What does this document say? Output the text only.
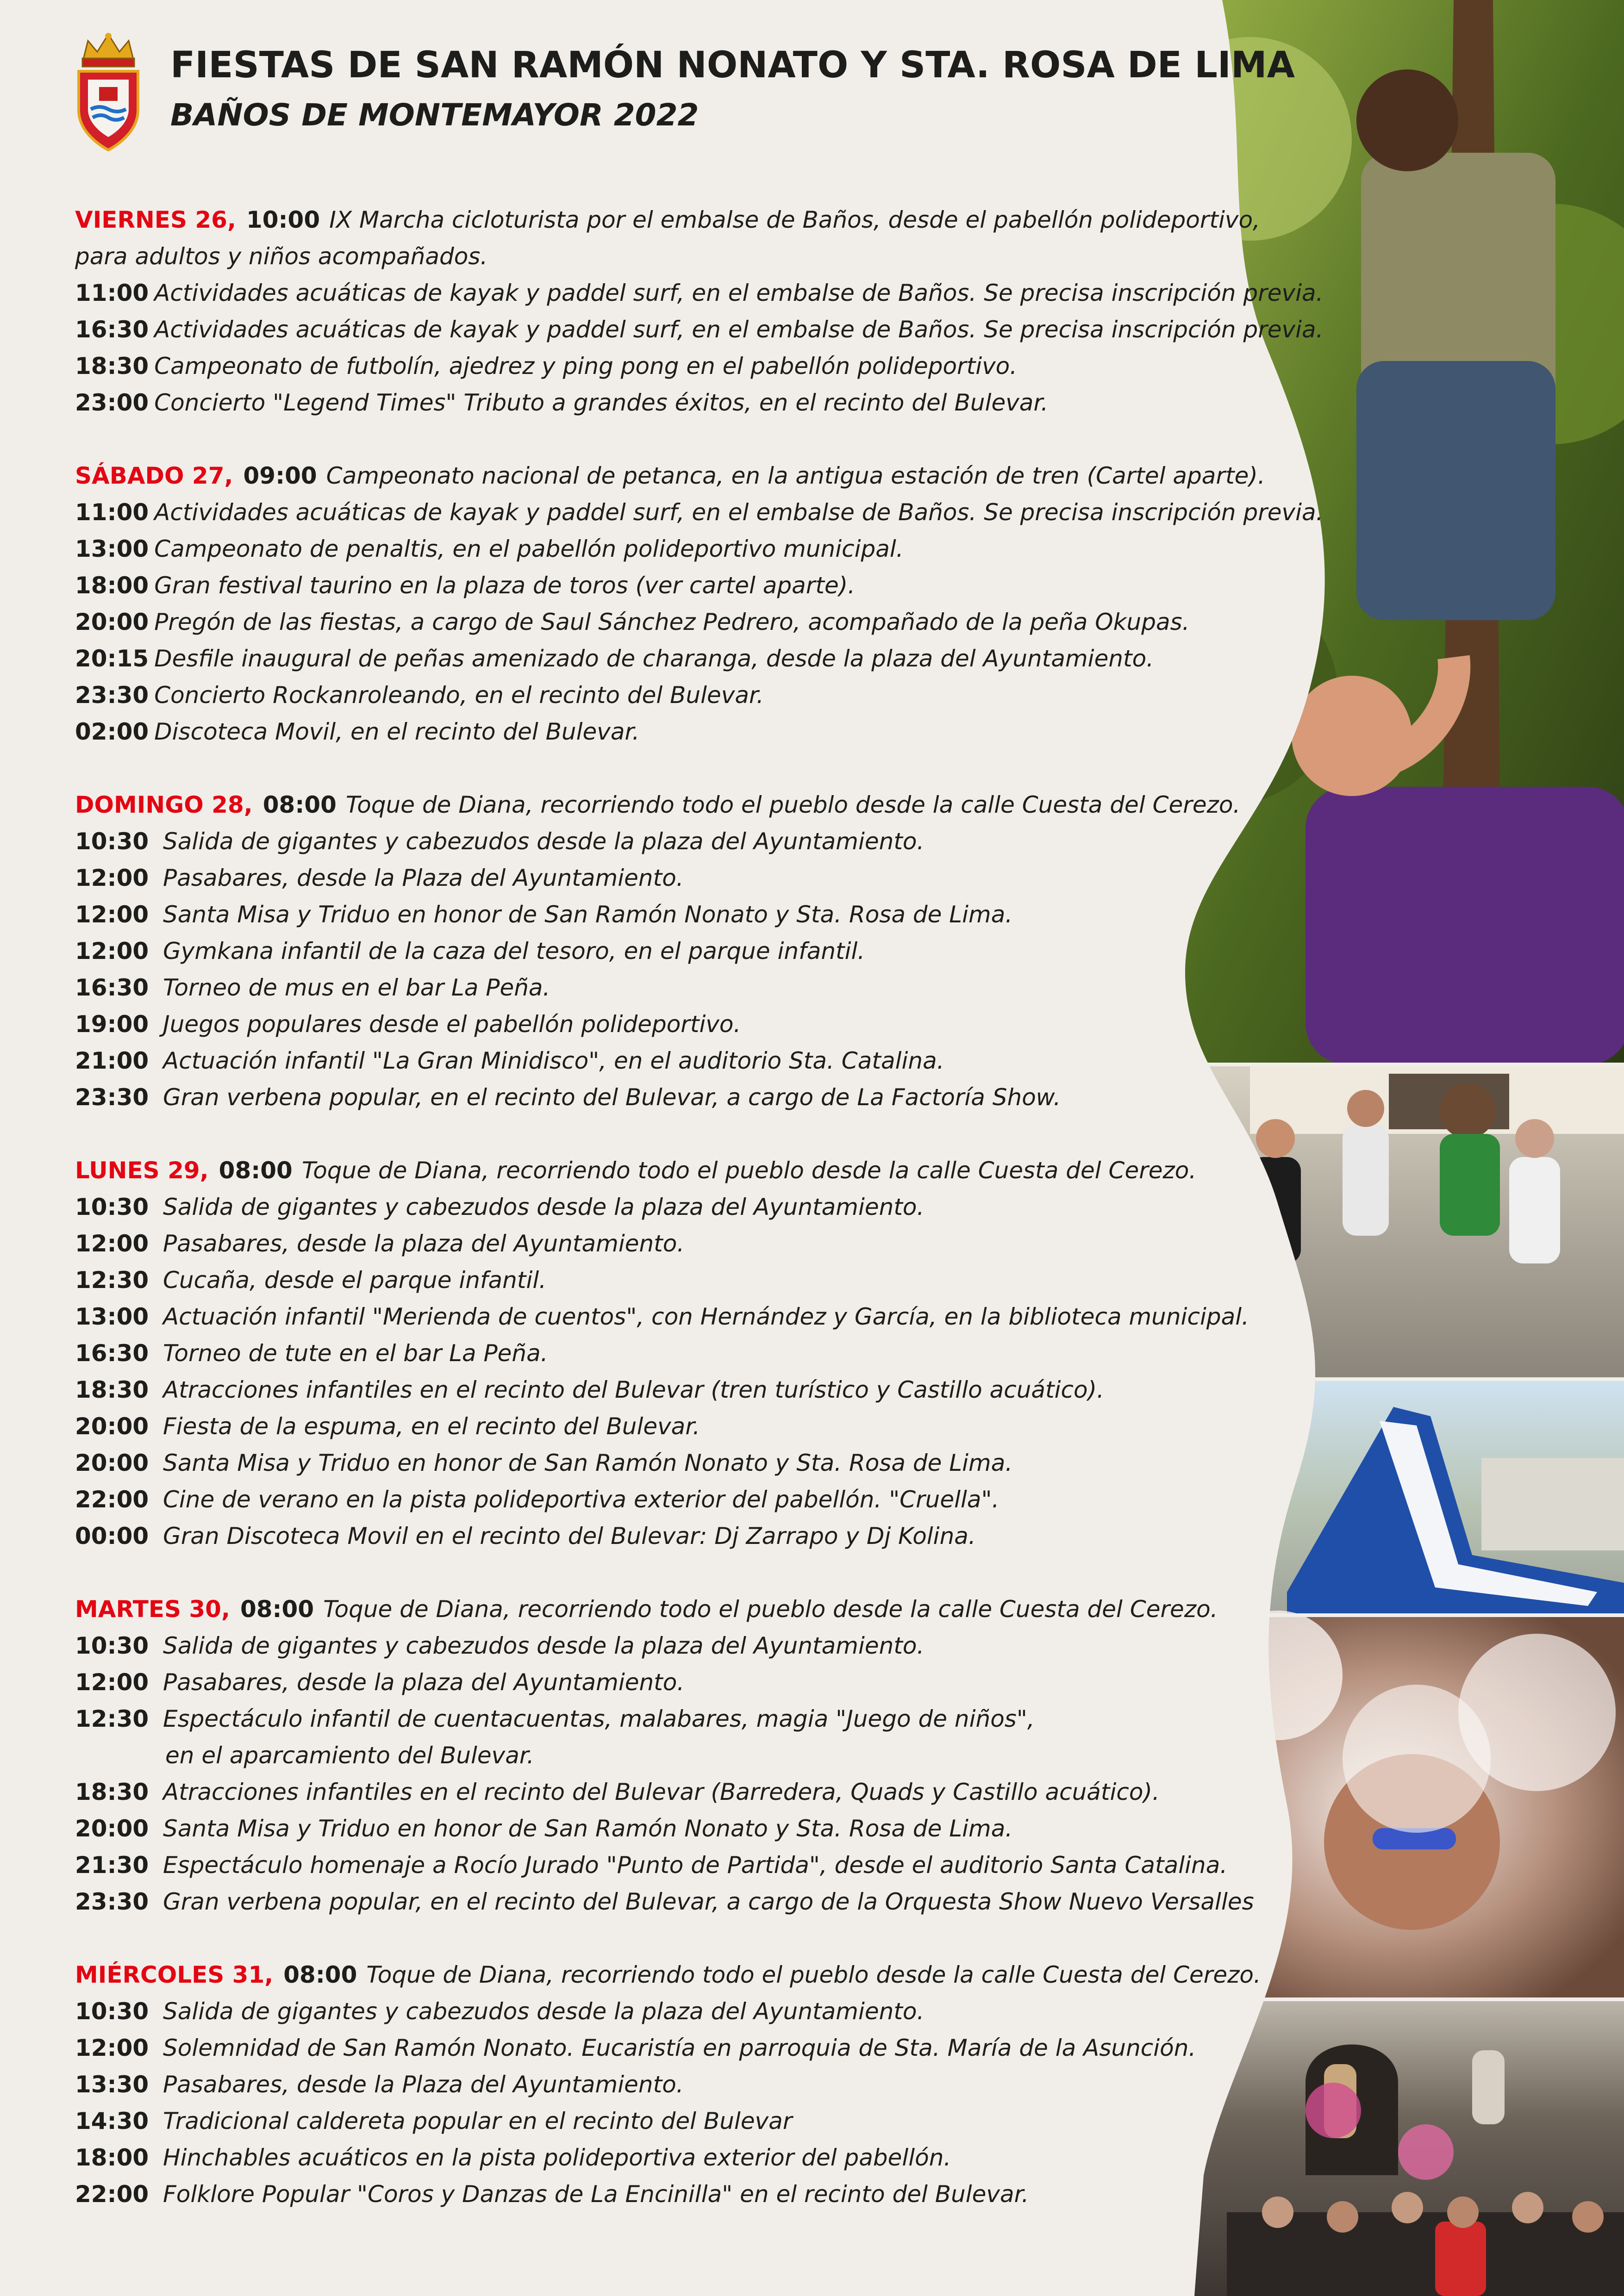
FIESTAS DE SAN RAMÓN NONATO Y STA. ROSA DE LIMA
BAÑOS DE MONTEMAYOR 2022
VIERNES 26, 10:00 IX Marcha cicloturista por el embalse de Baños, desde el pabellón polideportivo,
para adultos y niños acompañados.
11:00 Actividades acuáticas de kayak y paddel surf, en el embalse de Baños. Se precisa inscripción previa.
16:30 Actividades acuáticas de kayak y paddel surf, en el embalse de Baños. Se precisa inscripción previa.
18:30 Campeonato de futbolín, ajedrez y ping pong en el pabellón polideportivo.
23:00 Concierto "Legend Times" Tributo a grandes éxitos, en el recinto del Bulevar.
SÁBADO 27, 09:00 Campeonato nacional de petanca, en la antigua estación de tren (Cartel aparte).
11:00 Actividades acuáticas de kayak y paddel surf, en el embalse de Baños. Se precisa inscripción previa.
13:00 Campeonato de penaltis, en el pabellón polideportivo municipal.
18:00 Gran festival taurino en la plaza de toros (ver cartel aparte).
20:00 Pregón de las fiestas, a cargo de Saul Sánchez Pedrero, acompañado de la peña Okupas.
20:15 Desfile inaugural de peñas amenizado de charanga, desde la plaza del Ayuntamiento.
23:30 Concierto Rockanroleando, en el recinto del Bulevar.
02:00 Discoteca Movil, en el recinto del Bulevar.
DOMINGO 28, 08:00 Toque de Diana, recorriendo todo el pueblo desde la calle Cuesta del Cerezo.
10:30 Salida de gigantes y cabezudos desde la plaza del Ayuntamiento.
12:00 Pasabares, desde la Plaza del Ayuntamiento.
12:00 Santa Misa y Triduo en honor de San Ramón Nonato y Sta. Rosa de Lima.
12:00 Gymkana infantil de la caza del tesoro, en el parque infantil.
16:30 Torneo de mus en el bar La Peña.
19:00 Juegos populares desde el pabellón polideportivo.
21:00 Actuación infantil "La Gran Minidisco", en el auditorio Sta. Catalina.
23:30 Gran verbena popular, en el recinto del Bulevar, a cargo de La Factoría Show.
LUNES 29, 08:00 Toque de Diana, recorriendo todo el pueblo desde la calle Cuesta del Cerezo.
10:30 Salida de gigantes y cabezudos desde la plaza del Ayuntamiento.
12:00 Pasabares, desde la plaza del Ayuntamiento.
12:30 Cucaña, desde el parque infantil.
13:00 Actuación infantil "Merienda de cuentos", con Hernández y García, en la biblioteca municipal.
16:30 Torneo de tute en el bar La Peña.
18:30 Atracciones infantiles en el recinto del Bulevar (tren turístico y Castillo acuático).
20:00 Fiesta de la espuma, en el recinto del Bulevar.
20:00 Santa Misa y Triduo en honor de San Ramón Nonato y Sta. Rosa de Lima.
22:00 Cine de verano en la pista polideportiva exterior del pabellón. "Cruella".
00:00 Gran Discoteca Movil en el recinto del Bulevar: Dj Zarrapo y Dj Kolina.
MARTES 30, 08:00 Toque de Diana, recorriendo todo el pueblo desde la calle Cuesta del Cerezo.
10:30 Salida de gigantes y cabezudos desde la plaza del Ayuntamiento.
12:00 Pasabares, desde la plaza del Ayuntamiento.
12:30 Espectáculo infantil de cuentacuentas, malabares, magia "Juego de niños",
en el aparcamiento del Bulevar.
18:30 Atracciones infantiles en el recinto del Bulevar (Barredera, Quads y Castillo acuático).
20:00 Santa Misa y Triduo en honor de San Ramón Nonato y Sta. Rosa de Lima.
21:30 Espectáculo homenaje a Rocío Jurado "Punto de Partida", desde el auditorio Santa Catalina.
23:30 Gran verbena popular, en el recinto del Bulevar, a cargo de la Orquesta Show Nuevo Versalles
MIÉRCOLES 31, 08:00 Toque de Diana, recorriendo todo el pueblo desde la calle Cuesta del Cerezo.
10:30 Salida de gigantes y cabezudos desde la plaza del Ayuntamiento.
12:00 Solemnidad de San Ramón Nonato. Eucaristía en parroquia de Sta. María de la Asunción.
13:30 Pasabares, desde la Plaza del Ayuntamiento.
14:30 Tradicional caldereta popular en el recinto del Bulevar
18:00 Hinchables acuáticos en la pista polideportiva exterior del pabellón.
22:00 Folklore Popular "Coros y Danzas de La Encinilla" en el recinto del Bulevar.
